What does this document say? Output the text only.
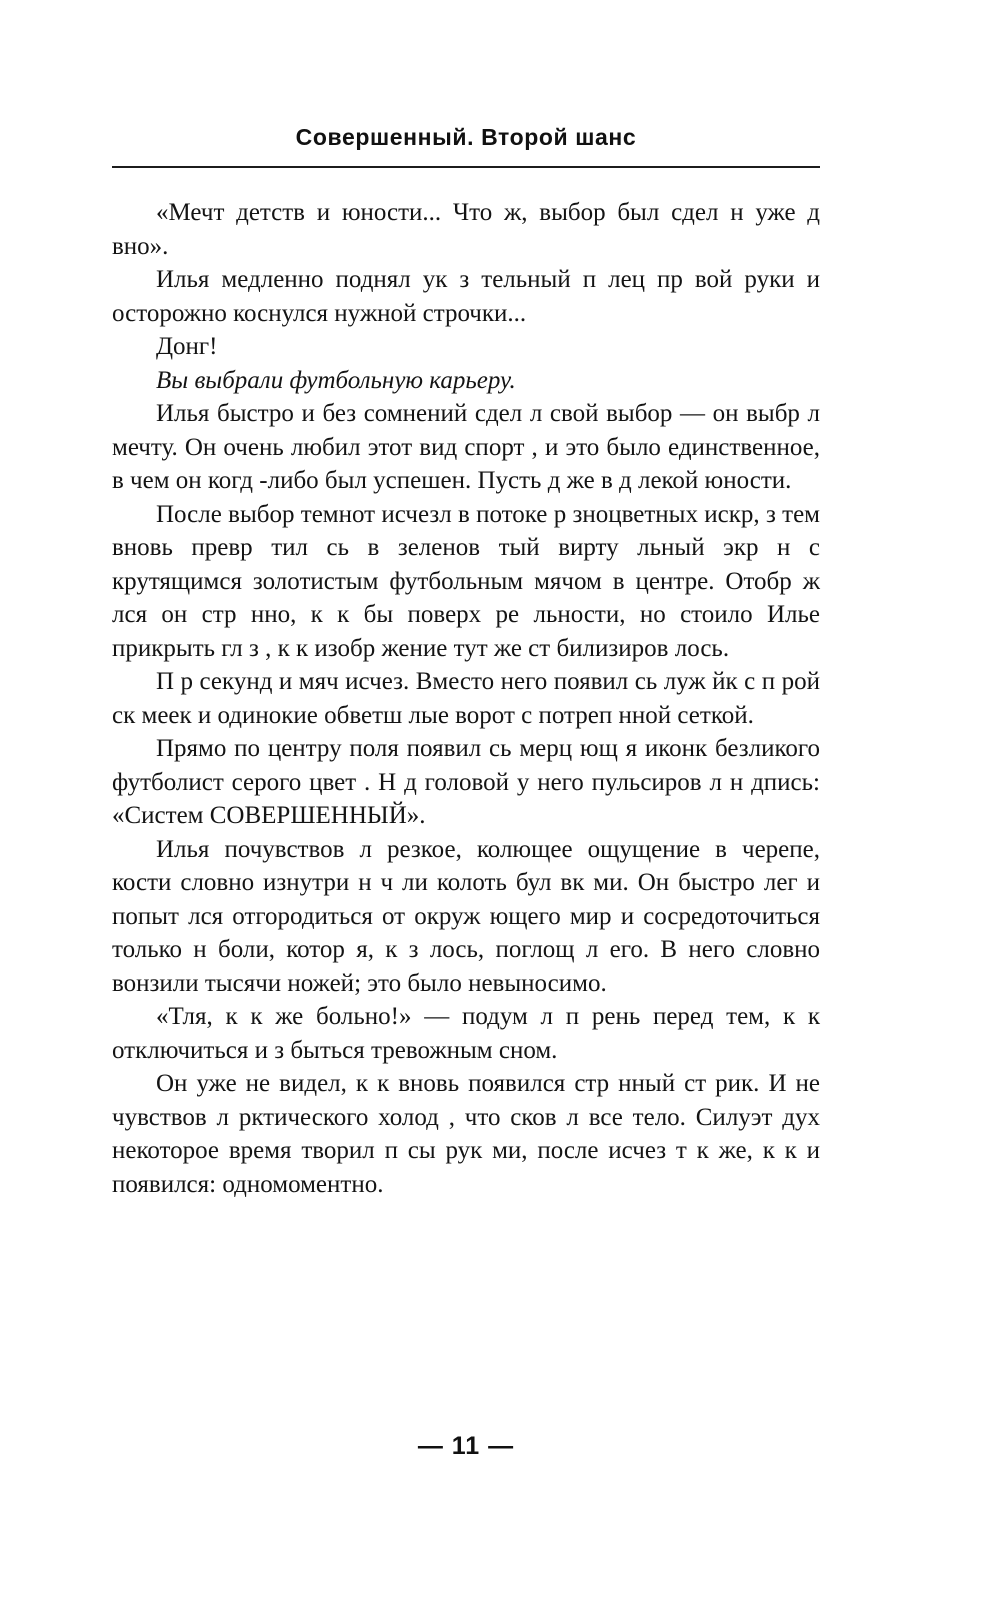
Совершенный. Второй шанс

«Мечт детств и юности... Что ж, выбор был сдел н уже д вно».

Илья медленно поднял ук з тельный п лец пр вой руки и осторожно коснулся нужной строчки...

Донг!

Вы выбрали футбольную карьеру.

Илья быстро и без сомнений сдел л свой выбор — он выбр л мечту. Он очень любил этот вид спорт , и это было единственное, в чем он когд -либо был успешен. Пусть д же в д лекой юности.

После выбор темнот исчезл в потоке р зноцветных искр, з тем вновь превр тил сь в зеленов тый вирту льный экр н с крутящимся золотистым футбольным мячом в центре. Отобр ж лся он стр нно, к к бы поверх ре льности, но стоило Илье прикрыть гл з , к к изобр жение тут же ст билизиров лось.

П р секунд и мяч исчез. Вместо него появил сь луж йк с п рой ск меек и одинокие обветш лые ворот с потреп нной сеткой.

Прямо по центру поля появил сь мерц ющ я иконк безликого футболист серого цвет . Н д головой у него пульсиров л н дпись: «Систем СОВЕРШЕННЫЙ».

Илья почувствов л резкое, колющее ощущение в черепе, кости словно изнутри н ч ли колоть бул вк ми. Он быстро лег и попыт лся отгородиться от окруж ющего мир и сосредоточиться только н боли, котор я, к з лось, поглощ л его. В него словно вонзили тысячи ножей; это было невыносимо.

«Тля, к к же больно!» — подум л п рень перед тем, к к отключиться и з быться тревожным сном.

Он уже не видел, к к вновь появился стр нный ст рик. И не чувствов л рктического холод , что сков л все тело. Силуэт дух некоторое время творил п сы рук ми, после исчез т к же, к к и появился: одномоментно.

— 11 —
